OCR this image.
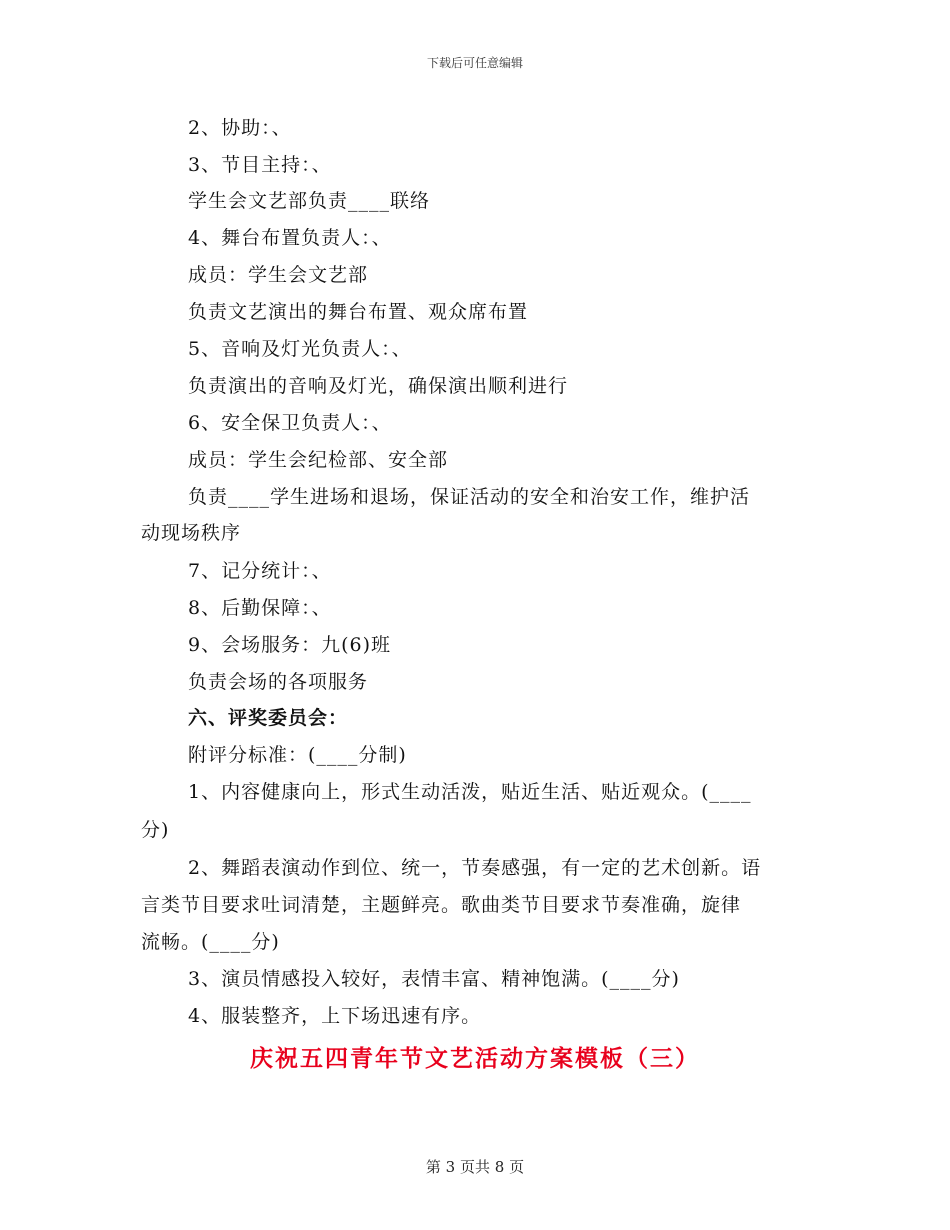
下载后可任意编辑
2、协助：、
3、节目主持：、
学生会文艺部负责____联络
4、舞台布置负责人：、
成员：学生会文艺部
负责文艺演出的舞台布置、观众席布置
5、音响及灯光负责人：、
负责演出的音响及灯光，确保演出顺利进行
6、安全保卫负责人：、
成员：学生会纪检部、安全部
负责____学生进场和退场，保证活动的安全和治安工作，维护活
动现场秩序
7、记分统计：、
8、后勤保障：、
9、会场服务：九(6)班
负责会场的各项服务
六、评奖委员会：
附评分标准：(____分制)
1、内容健康向上，形式生动活泼，贴近生活、贴近观众。(____
分)
2、舞蹈表演动作到位、统一，节奏感强，有一定的艺术创新。语
言类节目要求吐词清楚，主题鲜亮。歌曲类节目要求节奏准确，旋律
流畅。(____分)
3、演员情感投入较好，表情丰富、精神饱满。(____分)
4、服装整齐，上下场迅速有序。
庆祝五四青年节文艺活动方案模板（三）
第 3 页共 8 页
